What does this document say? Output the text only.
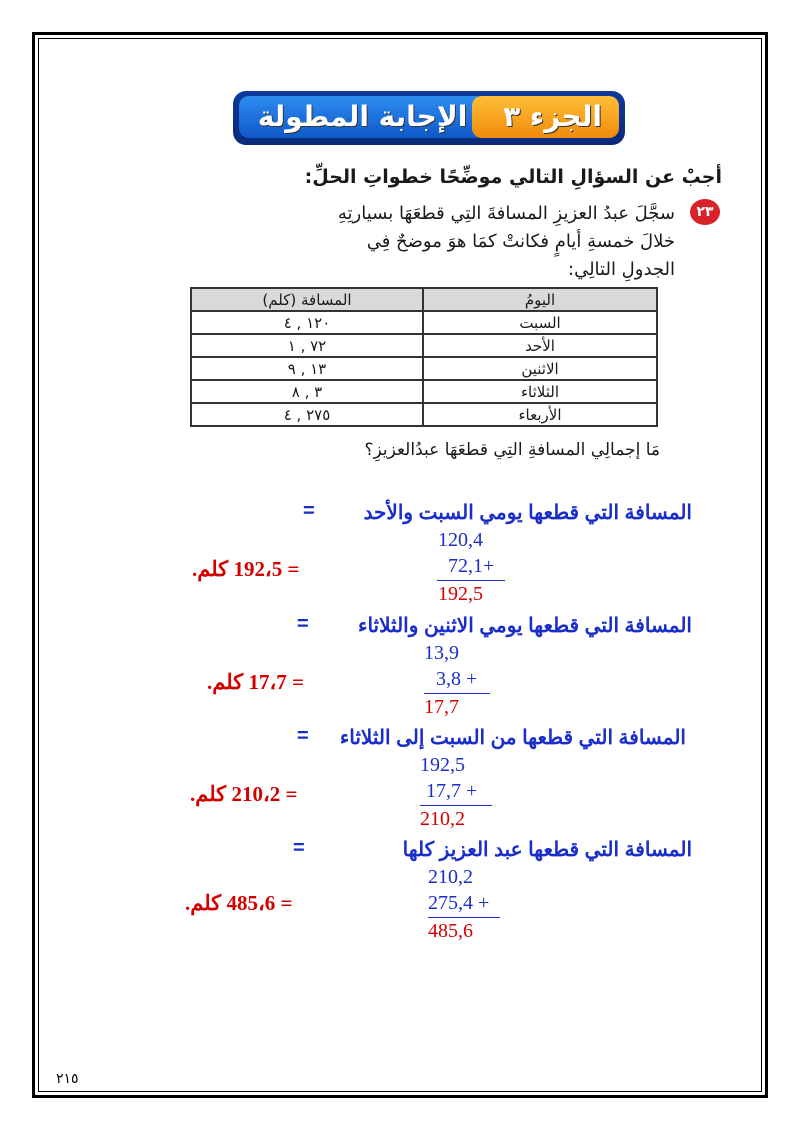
الجزء ٣
الإجابة المطولة
أجبْ عن السؤالِ التالي موضِّحًا خطواتِ الحلِّ:
٢٣
سجَّلَ عبدُ العزيزِ المسافةَ التِي قطعَهَا بسيارتِهِ
خلالَ خمسةِ أيامٍ فكانتْ كمَا هوَ موضحٌ فِي
الجدولِ التالِي:
اليومُ	المسافة (كلم)
السبت	١٢٠ , ٤
الأحد	٧٢ , ١
الاثنين	١٣ , ٩
الثلاثاء	٣ , ٨
الأربعاء	٢٧٥ , ٤
مَا إجمالِي المسافةِ التِي قطعَهَا عبدُالعزيزِ؟
المسافة التي قطعها يومي السبت والأحد
=
120,4
72,1+
192,5
= 192،5 كلم.
المسافة التي قطعها يومي الاثنين والثلاثاء
=
13,9
3,8 +
17,7
= 17،7 كلم.
المسافة التي قطعها من السبت إلى الثلاثاء
=
192,5
17,7 +
210,2
= 210،2 كلم.
المسافة التي قطعها عبد العزيز كلها
=
210,2
275,4 +
485,6
= 485،6 كلم.
٢١٥
